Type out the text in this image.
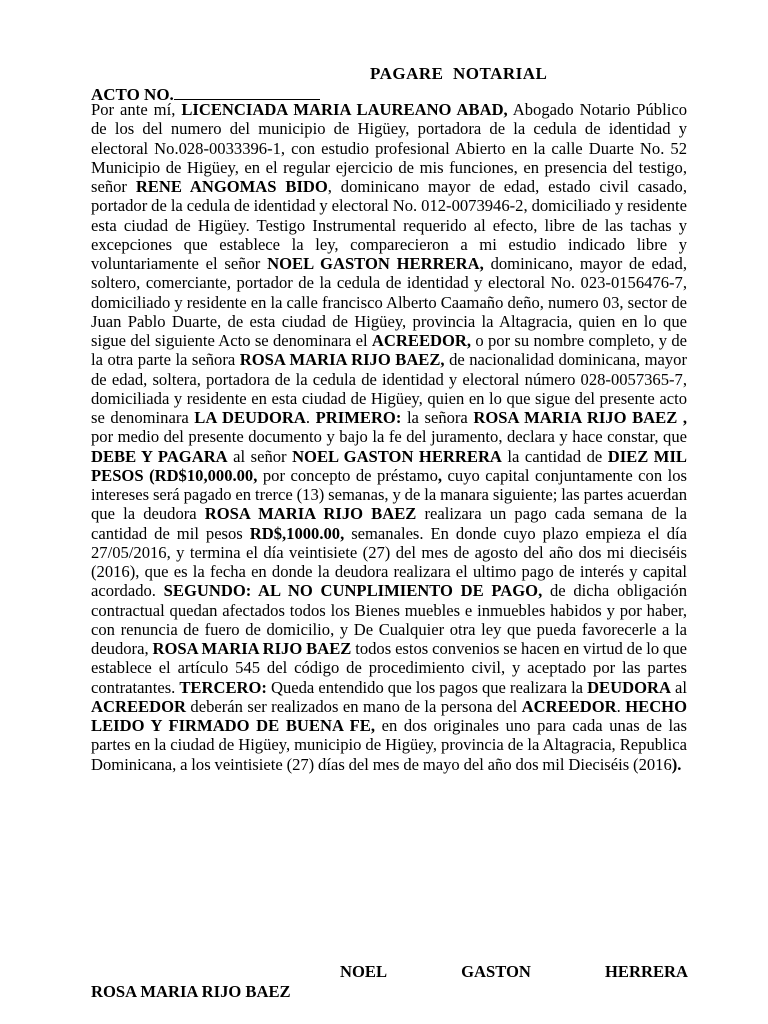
PAGARE  NOTARIAL
ACTO NO.

Por ante mí, LICENCIADA MARIA LAUREANO ABAD, Abogado Notario Público de los del numero del municipio de Higüey, portadora de la cedula de identidad y electoral No.028-0033396-1, con estudio profesional Abierto en la calle Duarte No. 52 Municipio de Higüey, en el regular ejercicio de mis funciones, en presencia del testigo, señor RENE ANGOMAS BIDO, dominicano mayor de edad, estado civil casado, portador de la cedula de identidad y electoral No. 012-0073946-2, domiciliado y residente esta ciudad de Higüey. Testigo Instrumental requerido al efecto, libre de las tachas y excepciones que establece la ley, comparecieron a mi estudio indicado libre y voluntariamente el señor NOEL GASTON HERRERA, dominicano, mayor de edad, soltero, comerciante, portador de la cedula de identidad y electoral No. 023-0156476-7, domiciliado y residente en la calle francisco Alberto Caamaño deño, numero 03, sector de Juan Pablo Duarte, de esta ciudad de Higüey, provincia la Altagracia, quien en lo que sigue del siguiente Acto se denominara el ACREEDOR, o por su nombre completo, y de la otra parte la señora ROSA MARIA RIJO BAEZ, de nacionalidad dominicana, mayor de edad, soltera, portadora de la cedula de identidad y electoral número 028-0057365-7, domiciliada y residente en esta ciudad de Higüey, quien en lo que sigue del presente acto se denominara LA DEUDORA. PRIMERO: la señora ROSA MARIA RIJO BAEZ , por medio del presente documento y bajo la fe del juramento, declara y hace constar, que DEBE Y PAGARA al señor NOEL GASTON HERRERA la cantidad de DIEZ MIL PESOS (RD$10,000.00, por concepto de préstamo, cuyo capital conjuntamente con los intereses será pagado en trerce (13) semanas, y de la manara siguiente; las partes acuerdan que la deudora ROSA MARIA RIJO BAEZ realizara un pago cada semana de la cantidad de mil pesos RD$,1000.00, semanales. En donde cuyo plazo empieza el día 27/05/2016, y termina el día veintisiete (27) del mes de agosto del año dos mi dieciséis (2016), que es la fecha en donde la deudora realizara el ultimo pago de interés y capital acordado. SEGUNDO: AL NO CUNPLIMIENTO DE PAGO, de dicha obligación contractual quedan afectados todos los Bienes muebles e inmuebles habidos y por haber, con renuncia de fuero de domicilio, y De Cualquier otra ley que pueda favorecerle a la deudora, ROSA MARIA RIJO BAEZ todos estos convenios se hacen en virtud de lo que establece el artículo 545 del código de procedimiento civil, y aceptado por las partes contratantes. TERCERO: Queda entendido que los pagos que realizara la DEUDORA al ACREEDOR deberán ser realizados en mano de la persona del ACREEDOR. HECHO LEIDO Y FIRMADO DE BUENA FE, en dos originales uno para cada unas de las partes en la ciudad de Higüey, municipio de Higüey, provincia de la Altagracia, Republica Dominicana, a los veintisiete (27) días del mes de mayo del año dos mil Dieciséis (2016).

NOEL	GASTON	HERRERA
ROSA MARIA RIJO BAEZ
